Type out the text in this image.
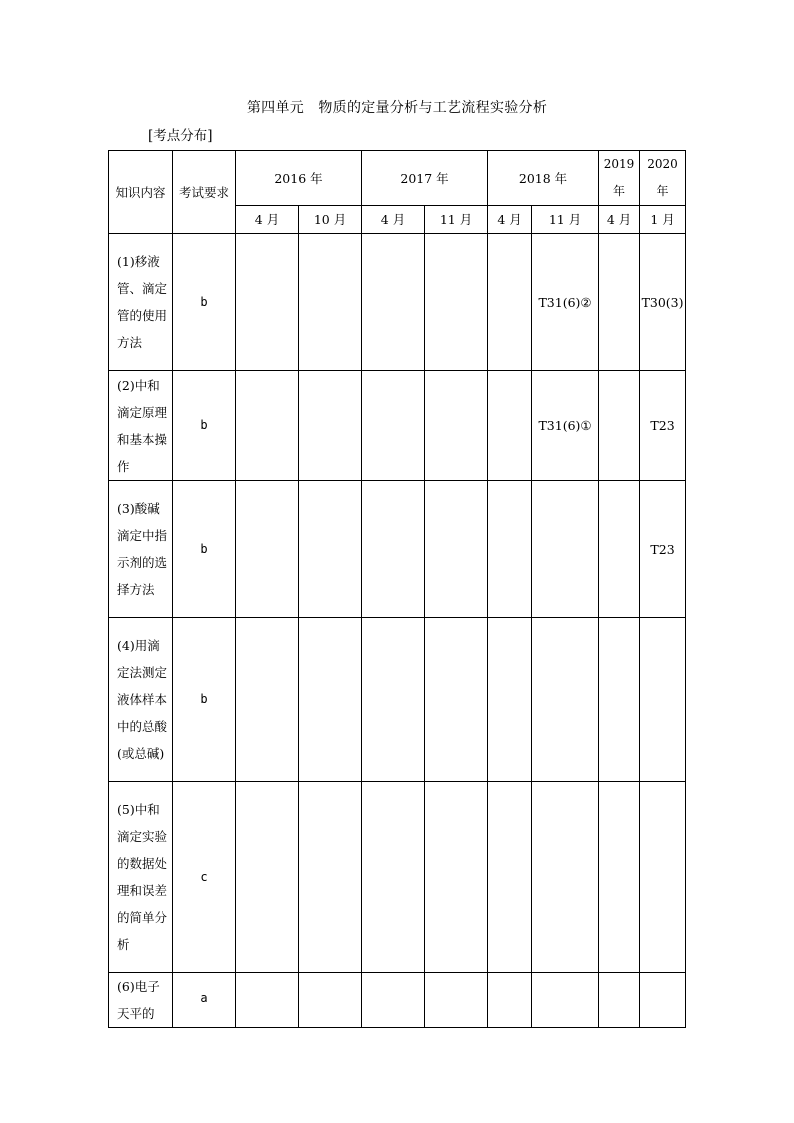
第四单元　物质的定量分析与工艺流程实验分析
[考点分布]
知识内容	考试要求	2016 年		2017 年		2018 年		2019 年	2020 年
		4 月	10 月	4 月	11 月	4 月	11 月	4 月	1 月
(1)移液管、滴定管的使用方法	b						T31(6)②		T30(3)
(2)中和滴定原理和基本操作	b						T31(6)①		T23
(3)酸碱滴定中指示剂的选择方法	b								T23
(4)用滴定法测定液体样本中的总酸(或总碱)	b								
(5)中和滴定实验的数据处理和误差的简单分析	c								
(6)电子天平的	a								
